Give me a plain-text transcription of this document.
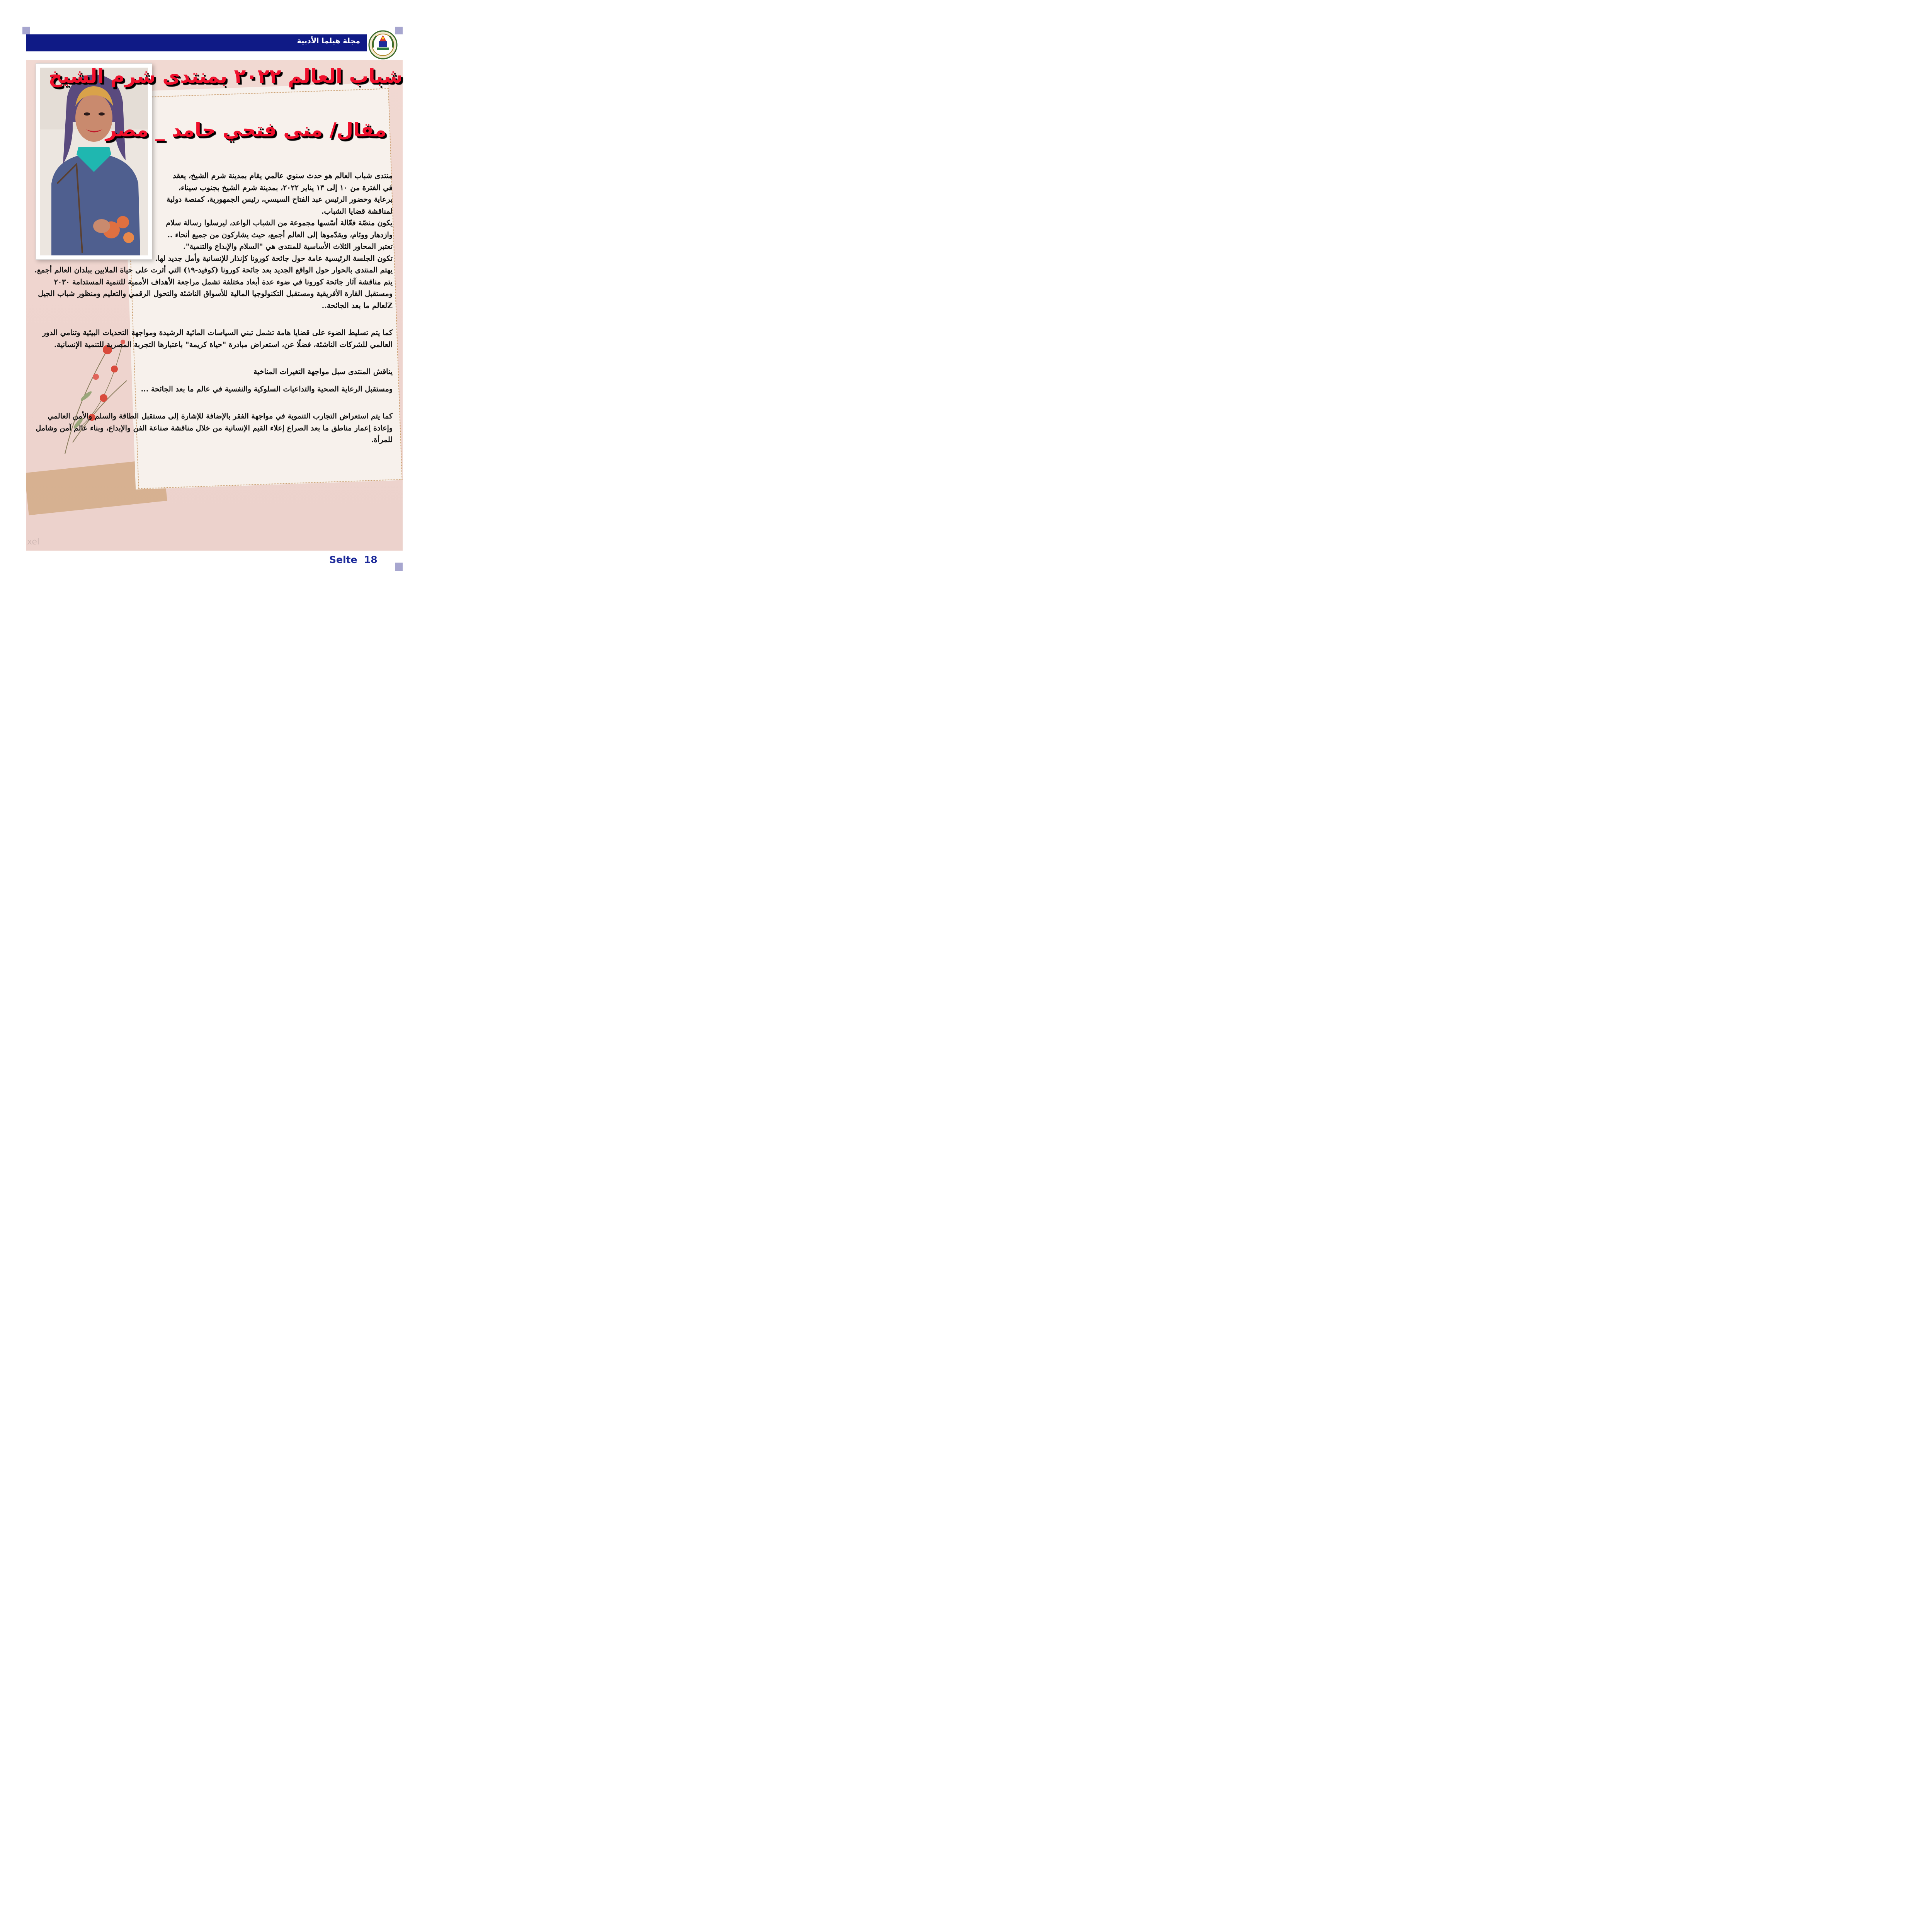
مجلة هيلما الأدبية
شباب العالم ٢٠٢٢ بمنتدى شرم الشيخ
مقال/ منى فتحي حامد _ مصر

منتدى شباب العالم هو حدث سنوي عالمي يقام بمدينة شرم الشيخ، يعقد في الفترة من ١٠ إلى ١٣ يناير ٢٠٢٢، بمدينة شرم الشيخ بجنوب سيناء، برعاية وحضور الرئيس عبد الفتاح السيسي، رئيس الجمهورية، كمنصة دولية لمناقشة قضايا الشباب.

يكون منصّة فعّالة أسّسها مجموعة من الشباب الواعد، ليرسلوا رسالة سلام وازدهار ووئام، ويقدّموها إلى العالم أجمع، حيث يشاركون من جميع أنحاء ..

تعتبر المحاور الثلاث الأساسية للمنتدى هي "السلام والإبداع والتنمية".

تكون الجلسة الرئيسية عامة حول جائحة كورونا كإنذار للإنسانية وأمل جديد لها.

يهتم المنتدى بالحوار حول الواقع الجديد بعد جائحة كورونا (كوفيد-١٩) التي أثرت على حياة الملايين ببلدان العالم أجمع.

يتم مناقشة آثار جائحة كورونا في ضوء عدة أبعاد مختلفة تشمل مراجعة الأهداف الأممية للتنمية المستدامة ٢٠٣٠ ومستقبل القارة الأفريقية ومستقبل التكنولوجيا المالية للأسواق الناشئة والتحول الرقمي والتعليم ومنظور شباب الجيل Zلعالم ما بعد الجائحة..

كما يتم تسليط الضوء على قضايا هامة تشمل تبني السياسات المائية الرشيدة ومواجهة التحديات البيئية وتنامي الدور العالمي للشركات الناشئة، فضلًا عن، استعراض مبادرة "حياة كريمة" باعتبارها التجربة المصرية للتنمية الإنسانية.

يناقش المنتدى سبل مواجهة التغيرات المناخية

ومستقبل الرعاية الصحية والتداعيات السلوكية والنفسية في عالم ما بعد الجائحة ...

كما يتم استعراض التجارب التنموية في مواجهة الفقر بالإضافة للإشارة إلى مستقبل الطاقة والسلم والأمن العالمي وإعادة إعمار مناطق ما بعد الصراع إعلاء القيم الإنسانية من خلال مناقشة صناعة الفن والإبداع، وبناء عالم آمن وشامل للمرأة.

xel
Selte  18
